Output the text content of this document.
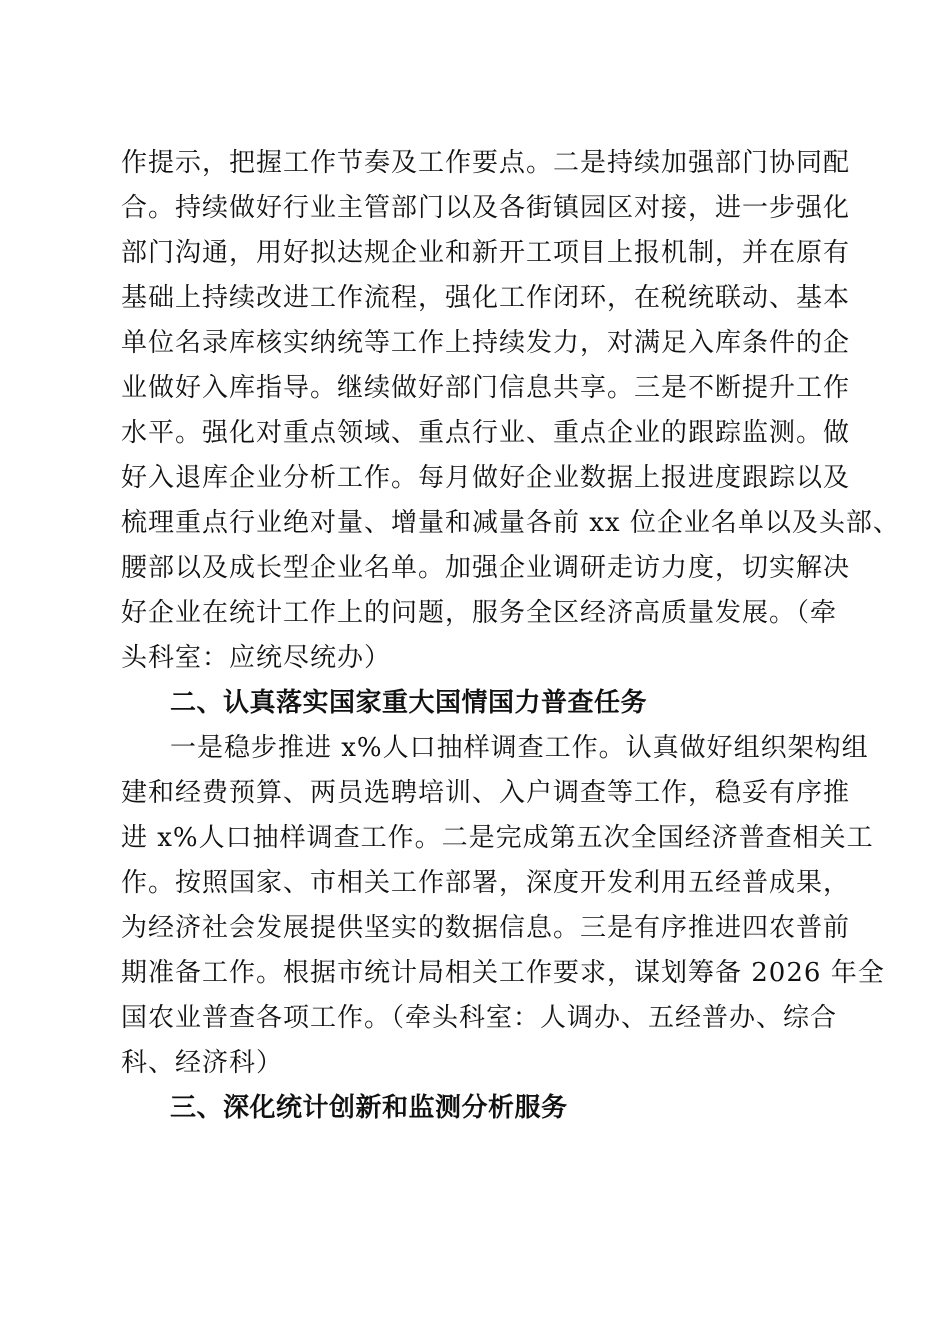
作提示，把握工作节奏及工作要点。二是持续加强部门协同配
合。持续做好行业主管部门以及各街镇园区对接，进一步强化
部门沟通，用好拟达规企业和新开工项目上报机制，并在原有
基础上持续改进工作流程，强化工作闭环，在税统联动、基本
单位名录库核实纳统等工作上持续发力，对满足入库条件的企
业做好入库指导。继续做好部门信息共享。三是不断提升工作
水平。强化对重点领域、重点行业、重点企业的跟踪监测。做
好入退库企业分析工作。每月做好企业数据上报进度跟踪以及
梳理重点行业绝对量、增量和减量各前 xx 位企业名单以及头部、
腰部以及成长型企业名单。加强企业调研走访力度，切实解决
好企业在统计工作上的问题，服务全区经济高质量发展。（牵
头科室：应统尽统办）
二、认真落实国家重大国情国力普查任务
一是稳步推进 x%人口抽样调查工作。认真做好组织架构组
建和经费预算、两员选聘培训、入户调查等工作，稳妥有序推
进 x%人口抽样调查工作。二是完成第五次全国经济普查相关工
作。按照国家、市相关工作部署，深度开发利用五经普成果，
为经济社会发展提供坚实的数据信息。三是有序推进四农普前
期准备工作。根据市统计局相关工作要求，谋划筹备 2026 年全
国农业普查各项工作。（牵头科室：人调办、五经普办、综合
科、经济科）
三、深化统计创新和监测分析服务
